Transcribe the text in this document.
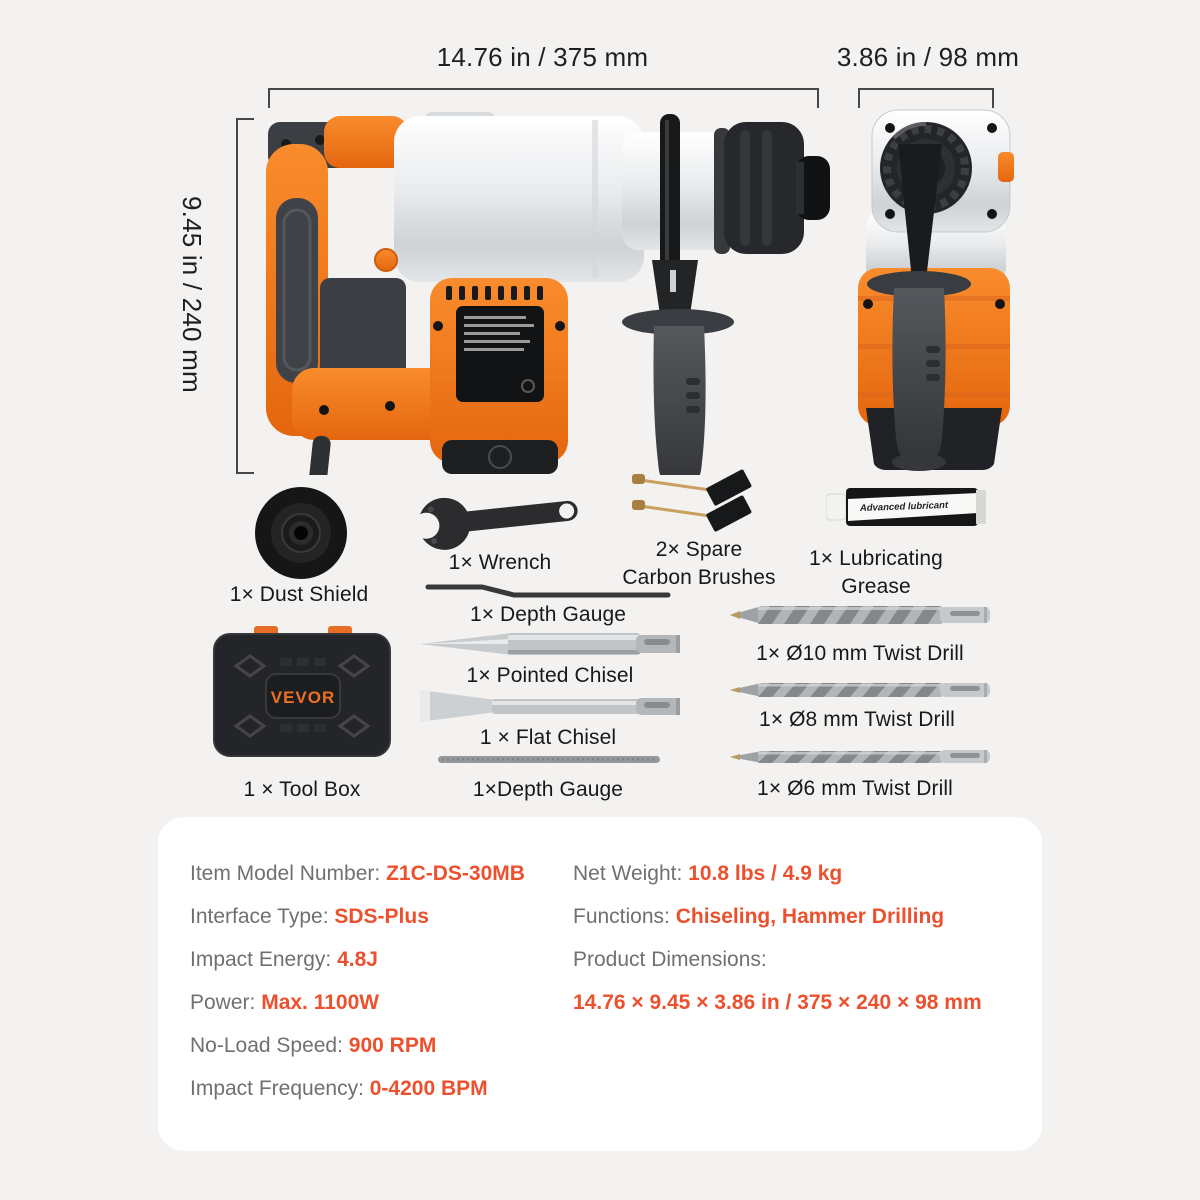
14.76 in / 375 mm	3.86 in / 98 mm
9.45 in / 240 mm
1× Dust Shield
1× Wrench
2× Spare
Carbon Brushes
Advanced lubricant
1× Lubricating
Grease
1× Depth Gauge
1× Pointed Chisel
1 × Flat Chisel
1×Depth Gauge
VEVOR
1 × Tool Box
1× Ø10 mm Twist Drill
1× Ø8 mm Twist Drill
1× Ø6 mm Twist Drill
Item Model Number: Z1C-DS-30MB
Interface Type: SDS-Plus
Impact Energy: 4.8J
Power: Max. 1100W
No-Load Speed: 900 RPM
Impact Frequency: 0-4200 BPM
Net Weight: 10.8 lbs / 4.9 kg
Functions: Chiseling, Hammer Drilling
Product Dimensions:
14.76 × 9.45 × 3.86 in / 375 × 240 × 98 mm
